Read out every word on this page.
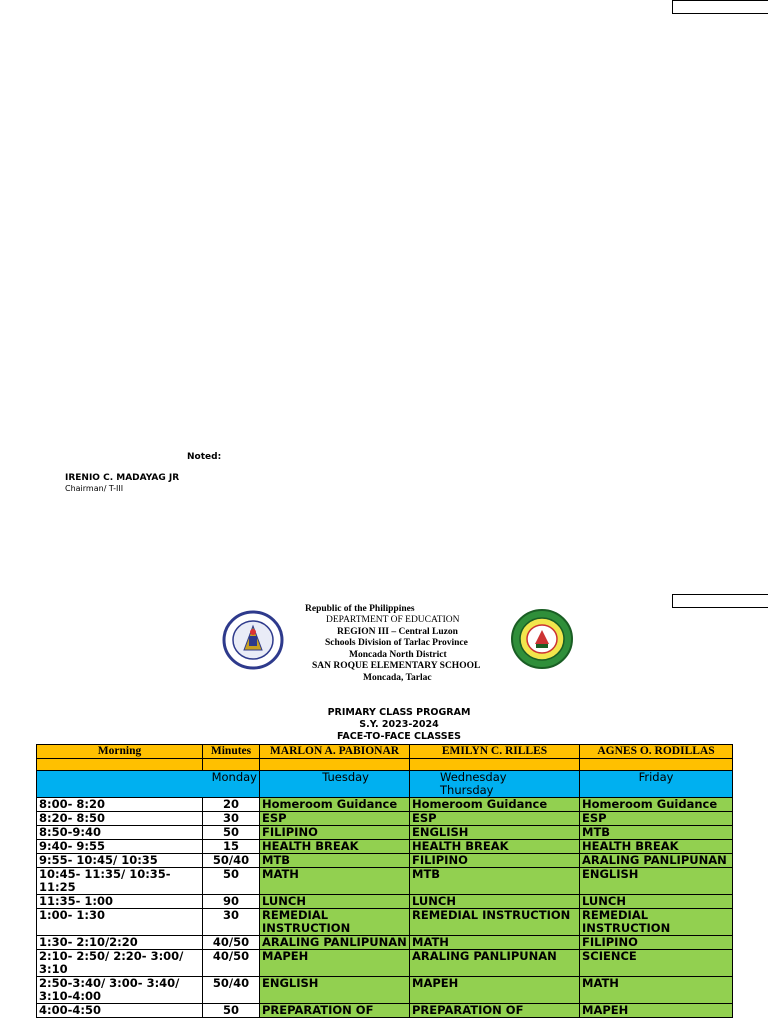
Noted:
IRENIO C. MADAYAG JR
Chairman/ T-III
Republic of the Philippines
DEPARTMENT OF EDUCATION
REGION III – Central Luzon
Schools Division of Tarlac Province
Moncada North District
SAN ROQUE ELEMENTARY SCHOOL
Moncada, Tarlac
PRIMARY CLASS PROGRAM
S.Y. 2023-2024
FACE-TO-FACE CLASSES
Morning	Minutes	MARLON A. PABIONAR	EMILYN C. RILLES	AGNES O. RODILLAS

Monday		Tuesday	WednesdayThursday	Friday
8:00- 8:20	20	Homeroom Guidance	Homeroom Guidance	Homeroom Guidance
8:20- 8:50	30	ESP	ESP	ESP
8:50-9:40	50	FILIPINO	ENGLISH	MTB
9:40- 9:55	15	HEALTH BREAK	HEALTH BREAK	HEALTH BREAK
9:55- 10:45/ 10:35	50/40	MTB	FILIPINO	ARALING PANLIPUNAN
10:45- 11:35/ 10:35- 11:25	50	MATH	MTB	ENGLISH
11:35- 1:00	90	LUNCH	LUNCH	LUNCH
1:00- 1:30	30	REMEDIAL INSTRUCTION	REMEDIAL INSTRUCTION	REMEDIAL INSTRUCTION
1:30- 2:10/2:20	40/50	ARALING PANLIPUNAN	MATH	FILIPINO
2:10- 2:50/ 2:20- 3:00/ 3:10	40/50	MAPEH	ARALING PANLIPUNAN	SCIENCE
2:50-3:40/ 3:00- 3:40/ 3:10-4:00	50/40	ENGLISH	MAPEH	MATH
4:00-4:50	50	PREPARATION OF	PREPARATION OF	MAPEH
